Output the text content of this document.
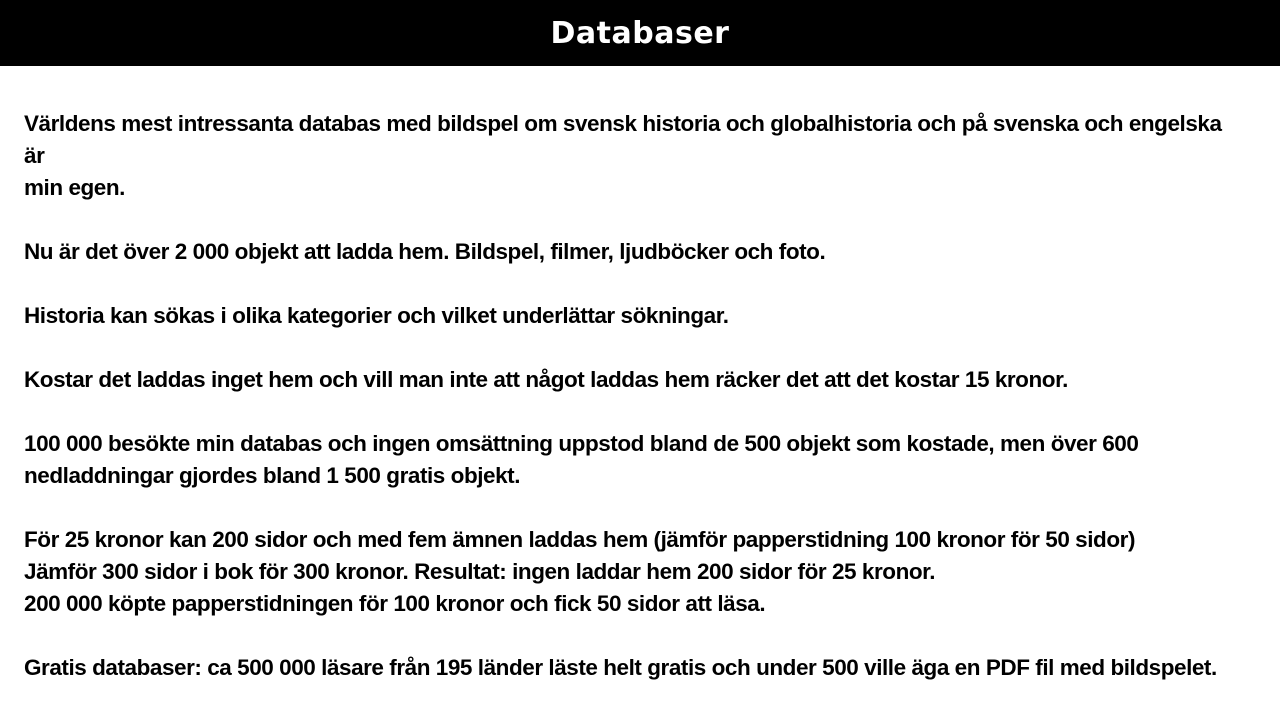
Databaser
Världens mest intressanta databas med bildspel om svensk historia och globalhistoria och på svenska och engelska
är
min egen.
Nu är det över 2 000 objekt att ladda hem. Bildspel, filmer, ljudböcker och foto.
Historia kan sökas i olika kategorier och vilket underlättar sökningar.
Kostar det laddas inget hem och vill man inte att något laddas hem räcker det att det kostar 15 kronor.
100 000 besökte min databas och ingen omsättning uppstod bland de 500 objekt som kostade, men över 600
nedladdningar gjordes bland 1 500 gratis objekt.
För 25 kronor kan 200 sidor och med fem ämnen laddas hem (jämför papperstidning 100 kronor för 50 sidor)
Jämför 300 sidor i bok för 300 kronor. Resultat: ingen laddar hem 200 sidor för 25 kronor.
200 000 köpte papperstidningen för 100 kronor och fick 50 sidor att läsa.
Gratis databaser: ca 500 000 läsare från 195 länder läste helt gratis och under 500 ville äga en PDF fil med bildspelet.
